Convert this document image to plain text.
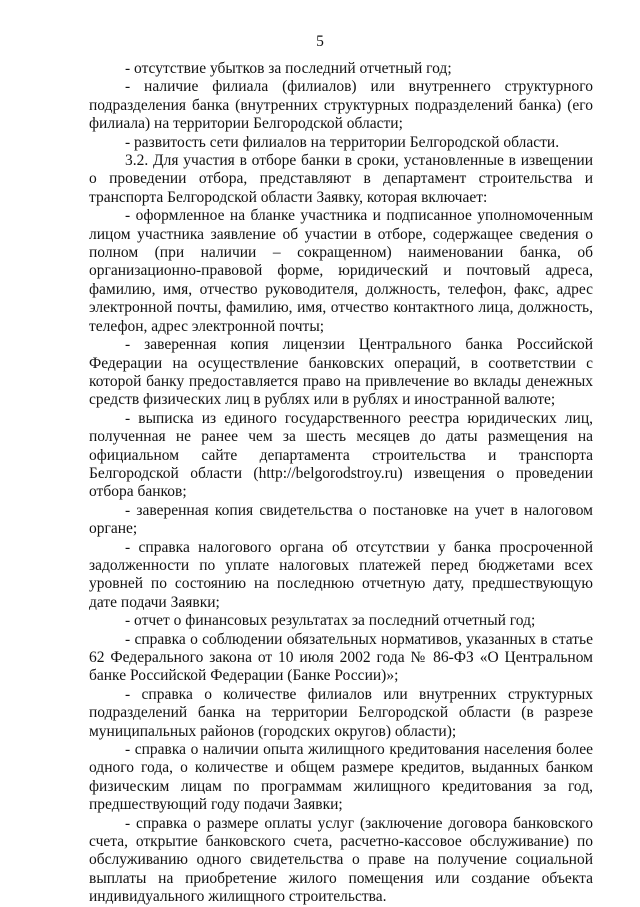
5

- отсутствие убытков за последний отчетный год;

- наличие филиала (филиалов) или внутреннего структурного подразделения банка (внутренних структурных подразделений банка) (его филиала) на территории Белгородской области;

- развитость сети филиалов на территории Белгородской области.

3.2. Для участия в отборе банки в сроки, установленные в извещении о проведении отбора, представляют в департамент строительства и транспорта Белгородской области Заявку, которая включает:

- оформленное на бланке участника и подписанное уполномоченным лицом участника заявление об участии в отборе, содержащее сведения о полном (при наличии – сокращенном) наименовании банка, об организационно-правовой форме, юридический и почтовый адреса, фамилию, имя, отчество руководителя, должность, телефон, факс, адрес электронной почты, фамилию, имя, отчество контактного лица, должность, телефон, адрес электронной почты;

- заверенная копия лицензии Центрального банка Российской Федерации на осуществление банковских операций, в соответствии с которой банку предоставляется право на привлечение во вклады денежных средств физических лиц в рублях или в рублях и иностранной валюте;

- выписка из единого государственного реестра юридических лиц, полученная не ранее чем за шесть месяцев до даты размещения на официальном сайте департамента строительства и транспорта Белгородской области (http://belgorodstroy.ru) извещения о проведении отбора банков;

- заверенная копия свидетельства о постановке на учет в налоговом органе;

- справка налогового органа об отсутствии у банка просроченной задолженности по уплате налоговых платежей перед бюджетами всех уровней по состоянию на последнюю отчетную дату, предшествующую дате подачи Заявки;

- отчет о финансовых результатах за последний отчетный год;

- справка о соблюдении обязательных нормативов, указанных в статье 62 Федерального закона от 10 июля 2002 года № 86-ФЗ «О Центральном банке Российской Федерации (Банке России)»;

- справка о количестве филиалов или внутренних структурных подразделений банка на территории Белгородской области (в разрезе муниципальных районов (городских округов) области);

- справка о наличии опыта жилищного кредитования населения более одного года, о количестве и общем размере кредитов, выданных банком физическим лицам по программам жилищного кредитования за год, предшествующий году подачи Заявки;

- справка о размере оплаты услуг (заключение договора банковского счета, открытие банковского счета, расчетно-кассовое обслуживание) по обслуживанию одного свидетельства о праве на получение социальной выплаты на приобретение жилого помещения или создание объекта индивидуального жилищного строительства.
